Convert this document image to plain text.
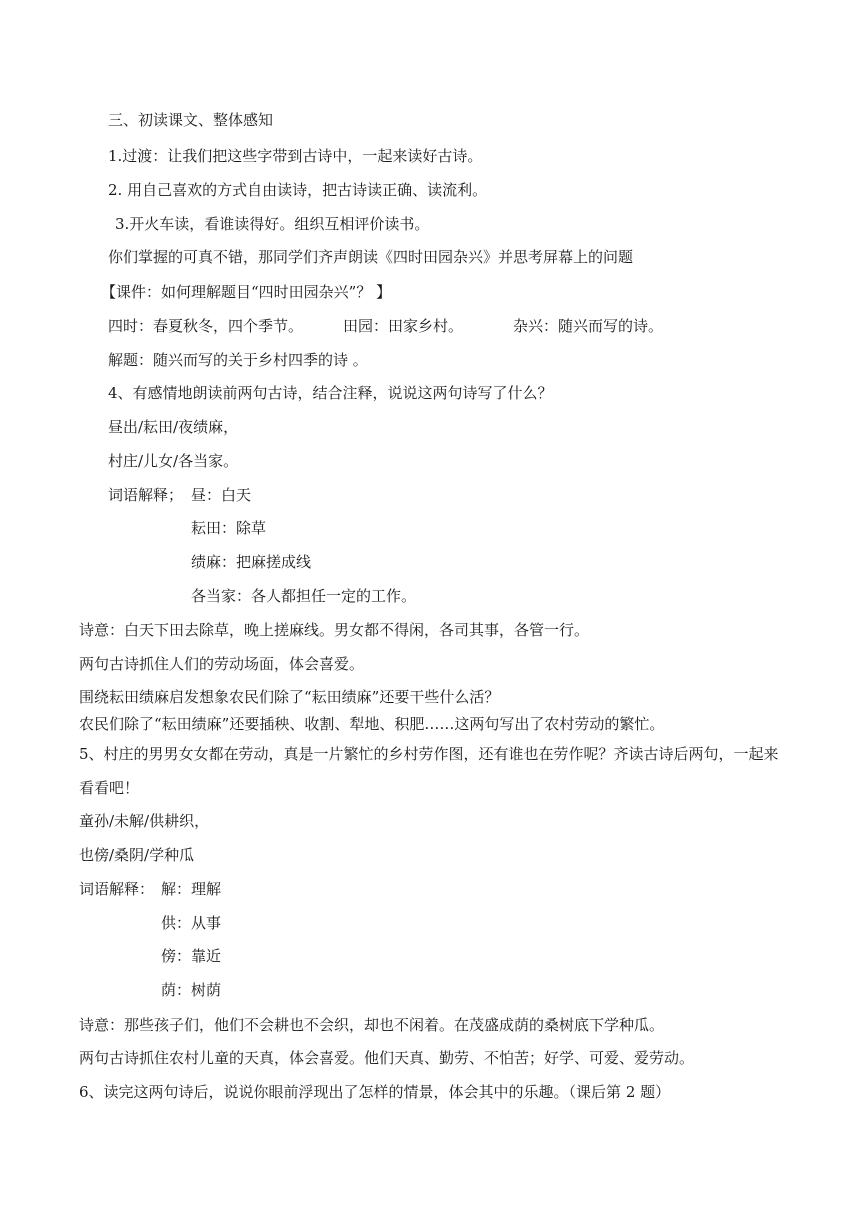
三、初读课文、整体感知
1.过渡：让我们把这些字带到古诗中，一起来读好古诗。
2. 用自己喜欢的方式自由读诗，把古诗读正确、读流利。
3.开火车读，看谁读得好。组织互相评价读书。
你们掌握的可真不错，那同学们齐声朗读《四时田园杂兴》并思考屏幕上的问题
【课件：如何理解题目“四时田园杂兴”？ 】
四时：春夏秋冬，四个季节。	田园：田家乡村。	杂兴：随兴而写的诗。
解题：随兴而写的关于乡村四季的诗 。
4、有感情地朗读前两句古诗，结合注释，说说这两句诗写了什么？
昼出/耘田/夜绩麻，
村庄/儿女/各当家。
词语解释； 昼：白天
耘田：除草
绩麻：把麻搓成线
各当家：各人都担任一定的工作。
诗意：白天下田去除草，晚上搓麻线。男女都不得闲，各司其事，各管一行。
两句古诗抓住人们的劳动场面，体会喜爱。
围绕耘田绩麻启发想象农民们除了“耘田绩麻”还要干些什么活？
农民们除了“耘田绩麻”还要插秧、收割、犁地、积肥……这两句写出了农村劳动的繁忙。
5、村庄的男男女女都在劳动，真是一片繁忙的乡村劳作图，还有谁也在劳作呢？齐读古诗后两句，一起来
看看吧！
童孙/未解/供耕织，
也傍/桑阴/学种瓜
词语解释： 解：理解
供：从事
傍：靠近
荫：树荫
诗意：那些孩子们，他们不会耕也不会织，却也不闲着。在茂盛成荫的桑树底下学种瓜。
两句古诗抓住农村儿童的天真，体会喜爱。他们天真、勤劳、不怕苦；好学、可爱、爱劳动。
6、读完这两句诗后，说说你眼前浮现出了怎样的情景，体会其中的乐趣。（课后第 2 题）
